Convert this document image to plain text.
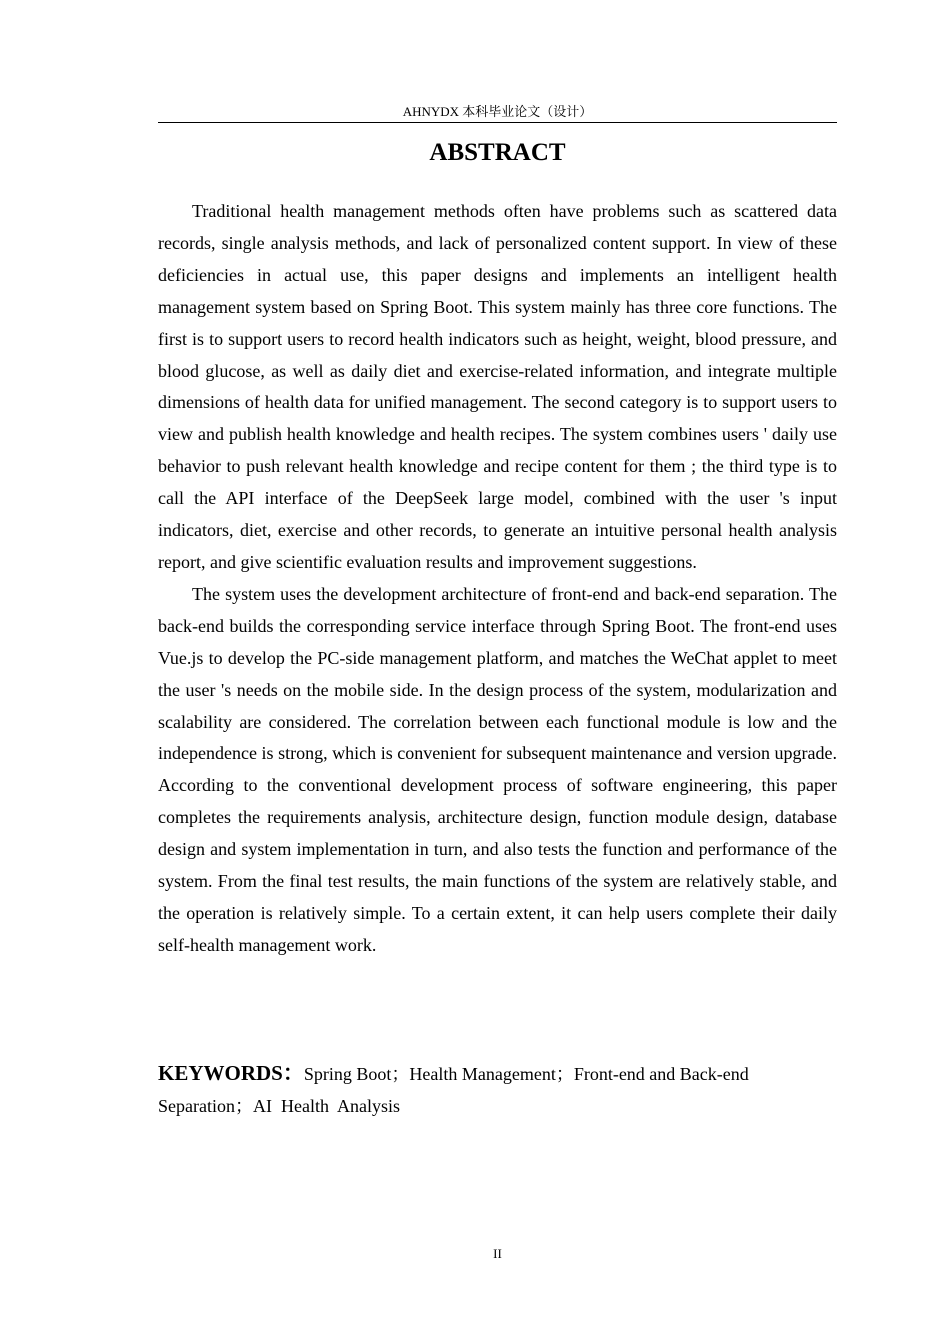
AHNYDX 本科毕业论文（设计）
ABSTRACT

Traditional health management methods often have problems such as scattered data records, single analysis methods, and lack of personalized content support. In view of these deficiencies in actual use, this paper designs and implements an intelligent health management system based on Spring Boot. This system mainly has three core functions. The first is to support users to record health indicators such as height, weight, blood pressure, and blood glucose, as well as daily diet and exercise-related information, and integrate multiple dimensions of health data for unified management. The second category is to support users to view and publish health knowledge and health recipes. The system combines users ' daily use behavior to push relevant health knowledge and recipe content for them ; the third type is to call the API interface of the DeepSeek large model, combined with the user 's input indicators, diet, exercise and other records, to generate an intuitive personal health analysis report, and give scientific evaluation results and improvement suggestions.

The system uses the development architecture of front-end and back-end separation. The back-end builds the corresponding service interface through Spring Boot. The front-end uses Vue.js to develop the PC-side management platform, and matches the WeChat applet to meet the user 's needs on the mobile side. In the design process of the system, modularization and scalability are considered. The correlation between each functional module is low and the independence is strong, which is convenient for subsequent maintenance and version upgrade. According to the conventional development process of software engineering, this paper completes the requirements analysis, architecture design, function module design, database design and system implementation in turn, and also tests the function and performance of the system. From the final test results, the main functions of the system are relatively stable, and the operation is relatively simple. To a certain extent, it can help users complete their daily self-health management work.

KEYWORDS：Spring Boot；Health Management；Front-end and Back-end Separation；AI  Health  Analysis
II
